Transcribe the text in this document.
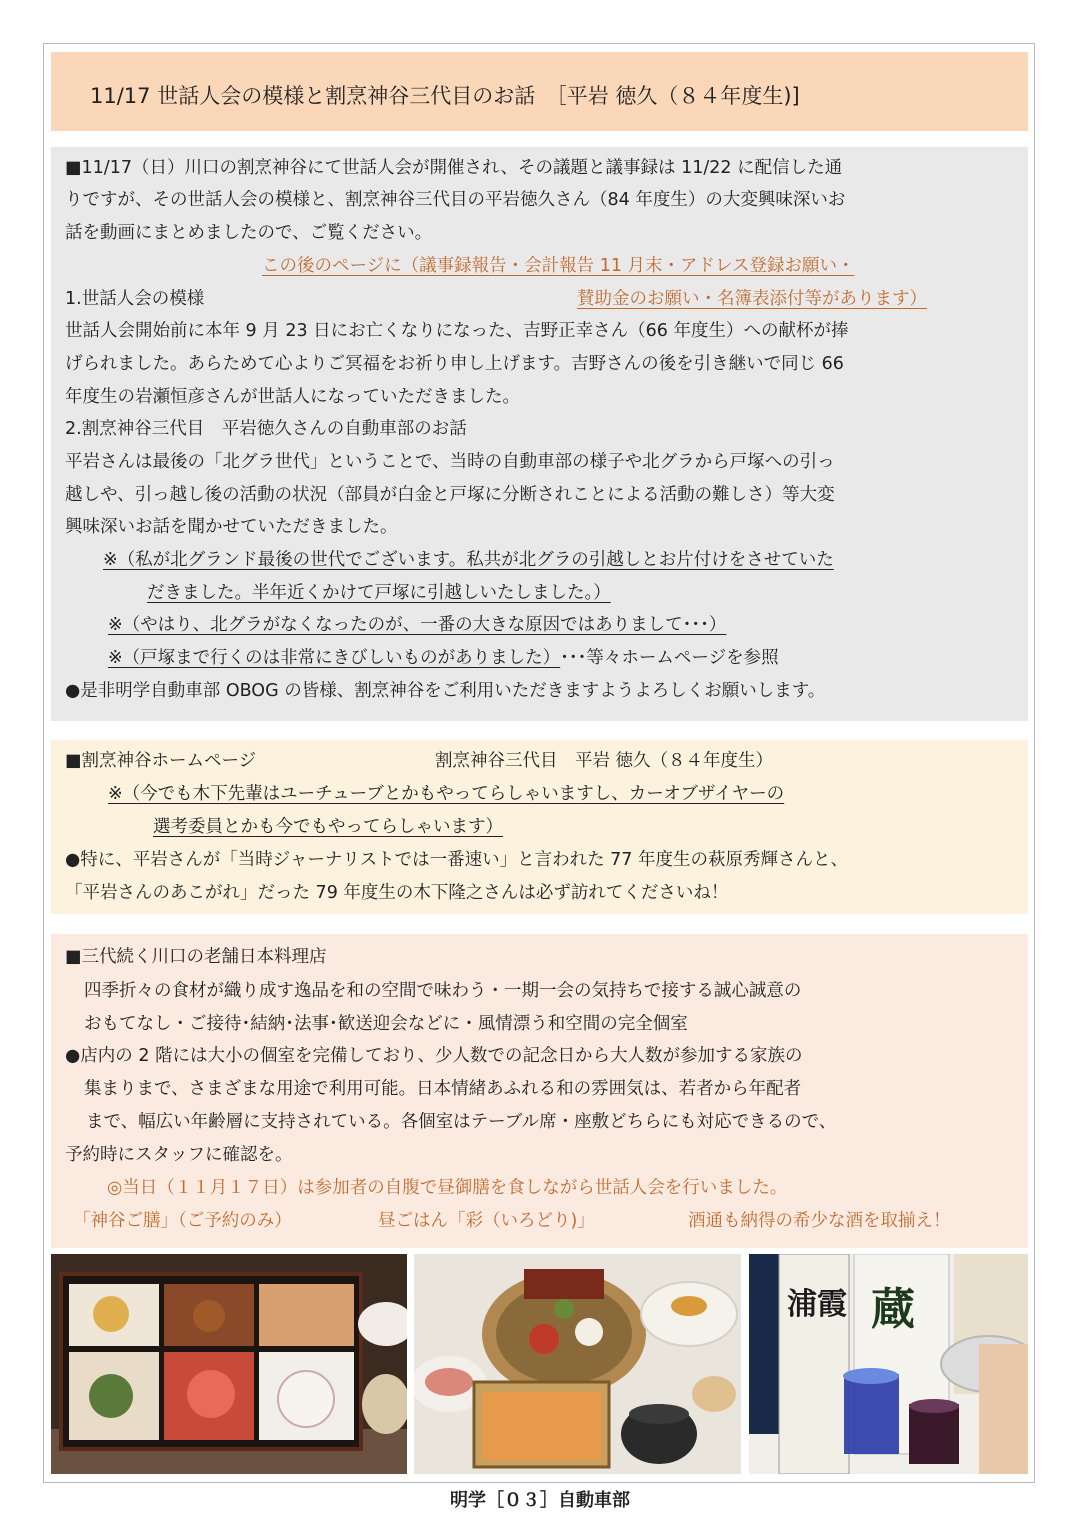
11/17 世話人会の模様と割烹神谷三代目のお話　［平岩 徳久（８４年度生)]
■11/17（日）川口の割烹神谷にて世話人会が開催され、その議題と議事録は 11/22 に配信した通
りですが、その世話人会の模様と、割烹神谷三代目の平岩徳久さん（84 年度生）の大変興味深いお
話を動画にまとめましたので、ご覧ください。
この後のページに（議事録報告・会計報告 11 月末・アドレス登録お願い・
1.世話人会の模様	賛助金のお願い・名簿表添付等があります）
世話人会開始前に本年 9 月 23 日にお亡くなりになった、吉野正幸さん（66 年度生）への献杯が捧
げられました。あらためて心よりご冥福をお祈り申し上げます。吉野さんの後を引き継いで同じ 66
年度生の岩瀬恒彦さんが世話人になっていただきました。
2.割烹神谷三代目　平岩徳久さんの自動車部のお話
平岩さんは最後の「北グラ世代」ということで、当時の自動車部の様子や北グラから戸塚への引っ
越しや、引っ越し後の活動の状況（部員が白金と戸塚に分断されことによる活動の難しさ）等大変
興味深いお話を聞かせていただきました。
※（私が北グランド最後の世代でございます。私共が北グラの引越しとお片付けをさせていた
だきました。半年近くかけて戸塚に引越しいたしました。）
※（やはり、北グラがなくなったのが、一番の大きな原因ではありまして･･･）
※（戸塚まで行くのは非常にきびしいものがありました）･･･等々ホームページを参照
●是非明学自動車部 OBOG の皆様、割烹神谷をご利用いただきますようよろしくお願いします。
■割烹神谷ホームページ	割烹神谷三代目　平岩 徳久（８４年度生）
※（今でも木下先輩はユーチューブとかもやってらしゃいますし、カーオブザイヤーの
選考委員とかも今でもやってらしゃいます）
●特に、平岩さんが「当時ジャーナリストでは一番速い」と言われた 77 年度生の萩原秀輝さんと、
「平岩さんのあこがれ」だった 79 年度生の木下隆之さんは必ず訪れてくださいね！
■三代続く川口の老舗日本料理店
四季折々の食材が織り成す逸品を和の空間で味わう・一期一会の気持ちで接する誠心誠意の
おもてなし・ご接待･結納･法事･歓送迎会などに・風情漂う和空間の完全個室
●店内の 2 階には大小の個室を完備しており、少人数での記念日から大人数が参加する家族の
集まりまで、さまざまな用途で利用可能。日本情緒あふれる和の雰囲気は、若者から年配者
まで、幅広い年齢層に支持されている。各個室はテーブル席・座敷どちらにも対応できるので、
予約時にスタッフに確認を。
◎当日（１１月１７日）は参加者の自腹で昼御膳を食しながら世話人会を行いました。
「神谷ご膳」（ご予約のみ）	昼ごはん「彩（いろどり)」	酒通も納得の希少な酒を取揃え！
浦霞 蔵
明学［０３］自動車部
